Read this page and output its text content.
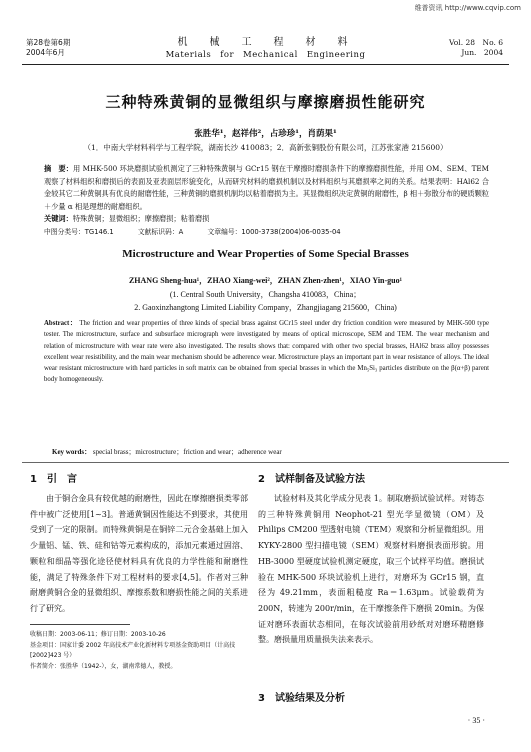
维普资讯 http://www.cqvip.com
第28卷第6期
2004年6月
机　械　工　程　材　料
Materials　for　Mechanical　Engineering
Vol. 28　No. 6
Jun.　2004
三种特殊黄铜的显微组织与摩擦磨损性能研究
张胜华¹，赵祥伟²，占珍珍¹，肖荫果¹
（1．中南大学材料科学与工程学院，湖南长沙 410083；2．高新张铜股份有限公司，江苏张家港 215600）
摘　要：用 MHK-500 环块磨损试验机测定了三种特殊黄铜与 GCr15 钢在干摩擦时磨损条件下的摩擦磨损性能，并用 OM、SEM、TEM 观察了材料组织和磨损后的表面及亚表面层形貌变化，从而研究材料的磨损机制以及材料组织与其磨损率之间的关系。结果表明：HAl62 合金较其它二种黄铜具有优良的耐磨性能，三种黄铜的磨损机制均以粘着磨损为主。其显微组织决定黄铜的耐磨性，β 相＋弥散分布的硬质颗粒＋少量 α 相是理想的耐磨组织。
关键词：特殊黄铜；显微组织；摩擦磨损；粘着磨损
中图分类号：TG146.1	文献标识码：A	文章编号：1000-3738(2004)06-0035-04
Microstructure and Wear Properties of Some Special Brasses
ZHANG Sheng-hua¹，ZHAO Xiang-wei²，ZHAN Zhen-zhen¹，XIAO Yin-guo¹
(1. Central South University，Changsha 410083，China；
2. Gaoxinzhangtong Limited Liability Company，Zhangjiagang 215600，China)
Abstract： The friction and wear properties of three kinds of special brass against GCr15 steel under dry friction condition were measured by MHK-500 type tester. The microstructure, surface and subsurface micrograph were investigated by means of optical microscope, SEM and TEM. The wear mechanism and relation of microstructure with wear rate were also investigated. The results shows that: compared with other two special brasses, HAl62 brass alloy possesses excellent wear resistibility, and the main wear mechanism should be adherence wear. Microstructure plays an important part in wear resistance of alloys. The ideal wear resistant microstructure with hard particles in soft matrix can be obtained from special brasses in which the Mn₅Si₃ particles distribute on the β(α+β) parent body homogeneously.
Key words： special brass；microstructure；friction and wear；adherence wear
1　引　言
由于铜合金具有较优越的耐磨性，因此在摩擦磨损类零部件中被广泛使用[1~3]。普通黄铜因性能达不到要求，其使用受到了一定的限制。而特殊黄铜是在铜锌二元合金基础上加入少量铝、锰、铁、硅和钴等元素构成的，添加元素通过固溶、颗粒和细晶等强化途径使材料具有优良的力学性能和耐磨性能，满足了特殊条件下对工程材料的要求[4,5]。作者对三种耐磨黄铜合金的显微组织、摩擦系数和磨损性能之间的关系进行了研究。
收稿日期：2003-06-11；修订日期：2003-10-26
基金项目：国家计委 2002 年高技术产业化新材料专项基金资助项目（计高技[2002]423 号）
作者简介：张胜华（1942-），女，湖南常德人，教授。
2　试样制备及试验方法
试验材料及其化学成分见表 1。制取磨损试验试样。对铸态的三种特殊黄铜用 Neophot-21 型光学显微镜（OM）及 Philips CM200 型透射电镜（TEM）观察和分析显微组织。用 KYKY-2800 型扫描电镜（SEM）观察材料磨损表面形貌。用 HB-3000 型硬度试验机测定硬度，取三个试样平均值。磨损试验在 MHK-500 环块试验机上进行，对磨环为 GCr15 钢，直径为 49.21mm，表面粗糙度 Ra＝1.63μm。试验载荷为 200N，转速为 200r/min，在干摩擦条件下磨损 20min。为保证对磨环表面状态相同，在每次试验前用砂纸对对磨环精磨修整。磨损量用质量损失法来表示。
3　试验结果及分析
· 35 ·
